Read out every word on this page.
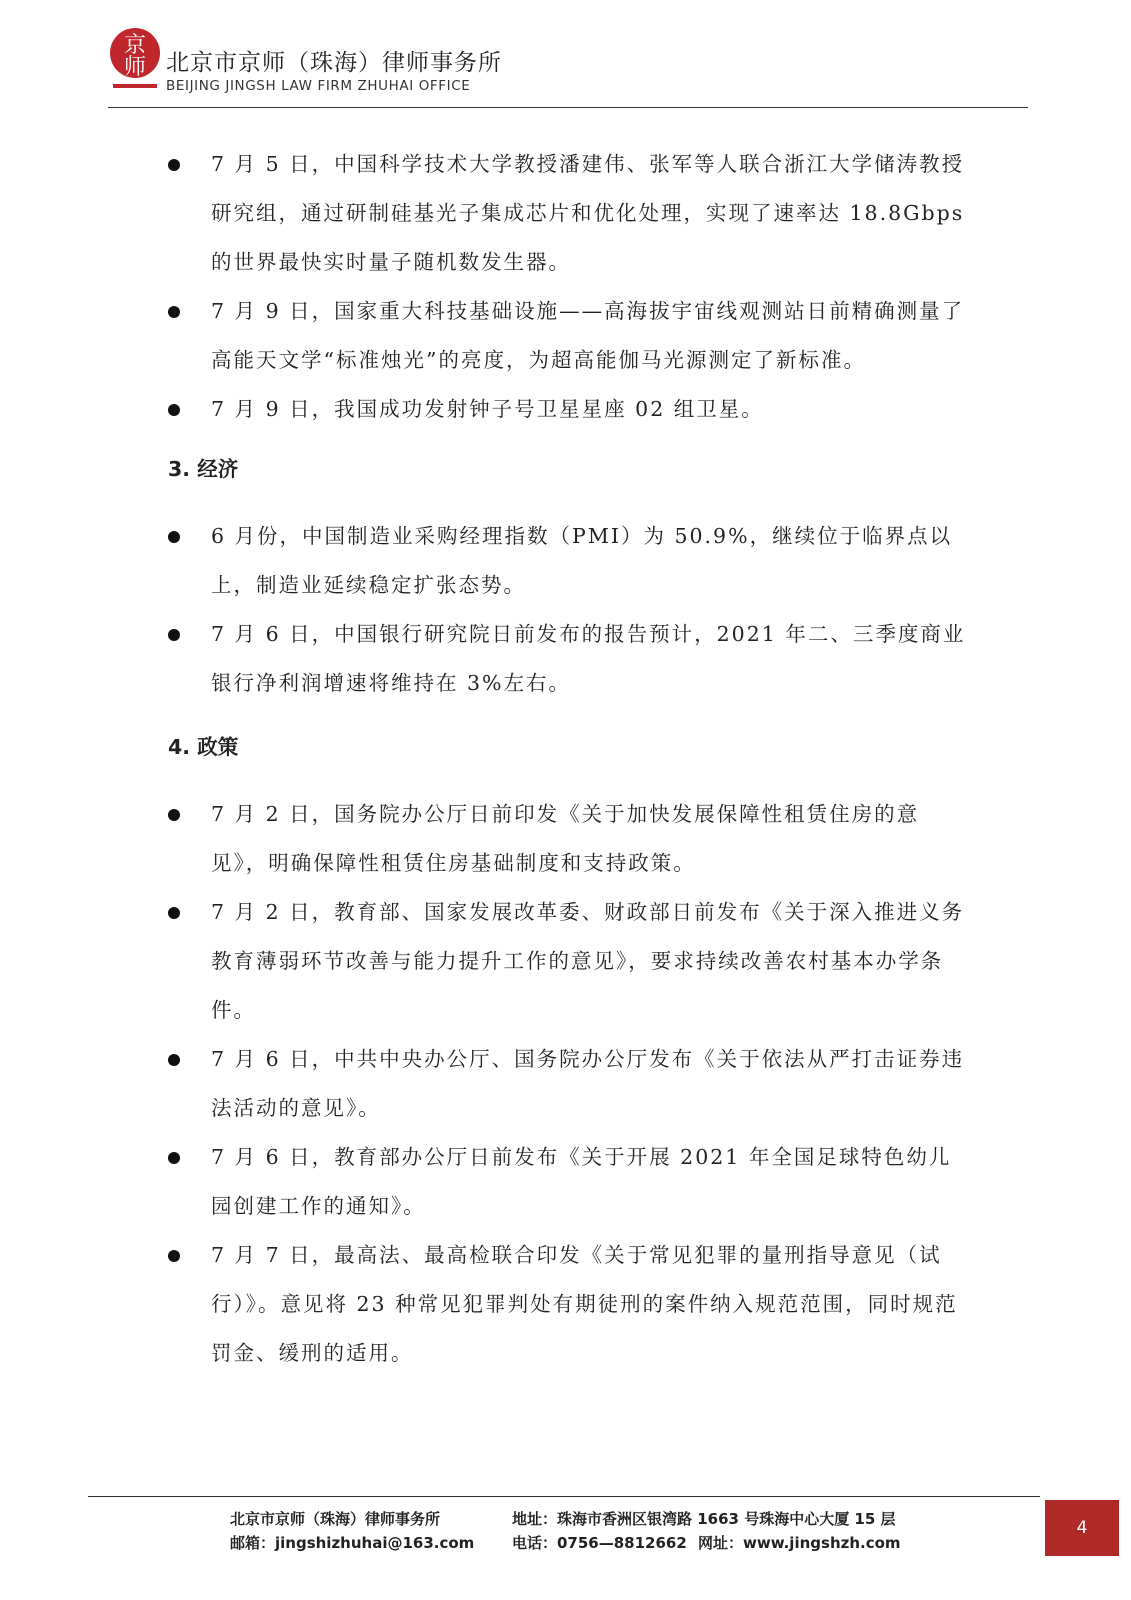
京
师 北京市京师（珠海）律师事务所
BEIJING JINGSH LAW FIRM ZHUHAI OFFICE
7 月 5 日，中国科学技术大学教授潘建伟、张军等人联合浙江大学储涛教授研究组，通过研制硅基光子集成芯片和优化处理，实现了速率达 18.8Gbps 的世界最快实时量子随机数发生器。
7 月 9 日，国家重大科技基础设施——高海拔宇宙线观测站日前精确测量了高能天文学“标准烛光”的亮度，为超高能伽马光源测定了新标准。
7 月 9 日，我国成功发射钟子号卫星星座 02 组卫星。
3. 经济
6 月份，中国制造业采购经理指数（PMI）为 50.9%，继续位于临界点以上，制造业延续稳定扩张态势。
7 月 6 日，中国银行研究院日前发布的报告预计，2021 年二、三季度商业银行净利润增速将维持在 3%左右。
4. 政策
7 月 2 日，国务院办公厅日前印发《关于加快发展保障性租赁住房的意见》，明确保障性租赁住房基础制度和支持政策。
7 月 2 日，教育部、国家发展改革委、财政部日前发布《关于深入推进义务教育薄弱环节改善与能力提升工作的意见》，要求持续改善农村基本办学条件。
7 月 6 日，中共中央办公厅、国务院办公厅发布《关于依法从严打击证券违法活动的意见》。
7 月 6 日，教育部办公厅日前发布《关于开展 2021 年全国足球特色幼儿园创建工作的通知》。
7 月 7 日，最高法、最高检联合印发《关于常见犯罪的量刑指导意见（试行）》。意见将 23 种常见犯罪判处有期徒刑的案件纳入规范范围，同时规范罚金、缓刑的适用。
北京市京师（珠海）律师事务所
邮箱：jingshizhuhai@163.com
地址：珠海市香洲区银湾路 1663 号珠海中心大厦 15 层
电话：0756—8812662 网址：www.jingshzh.com
4
